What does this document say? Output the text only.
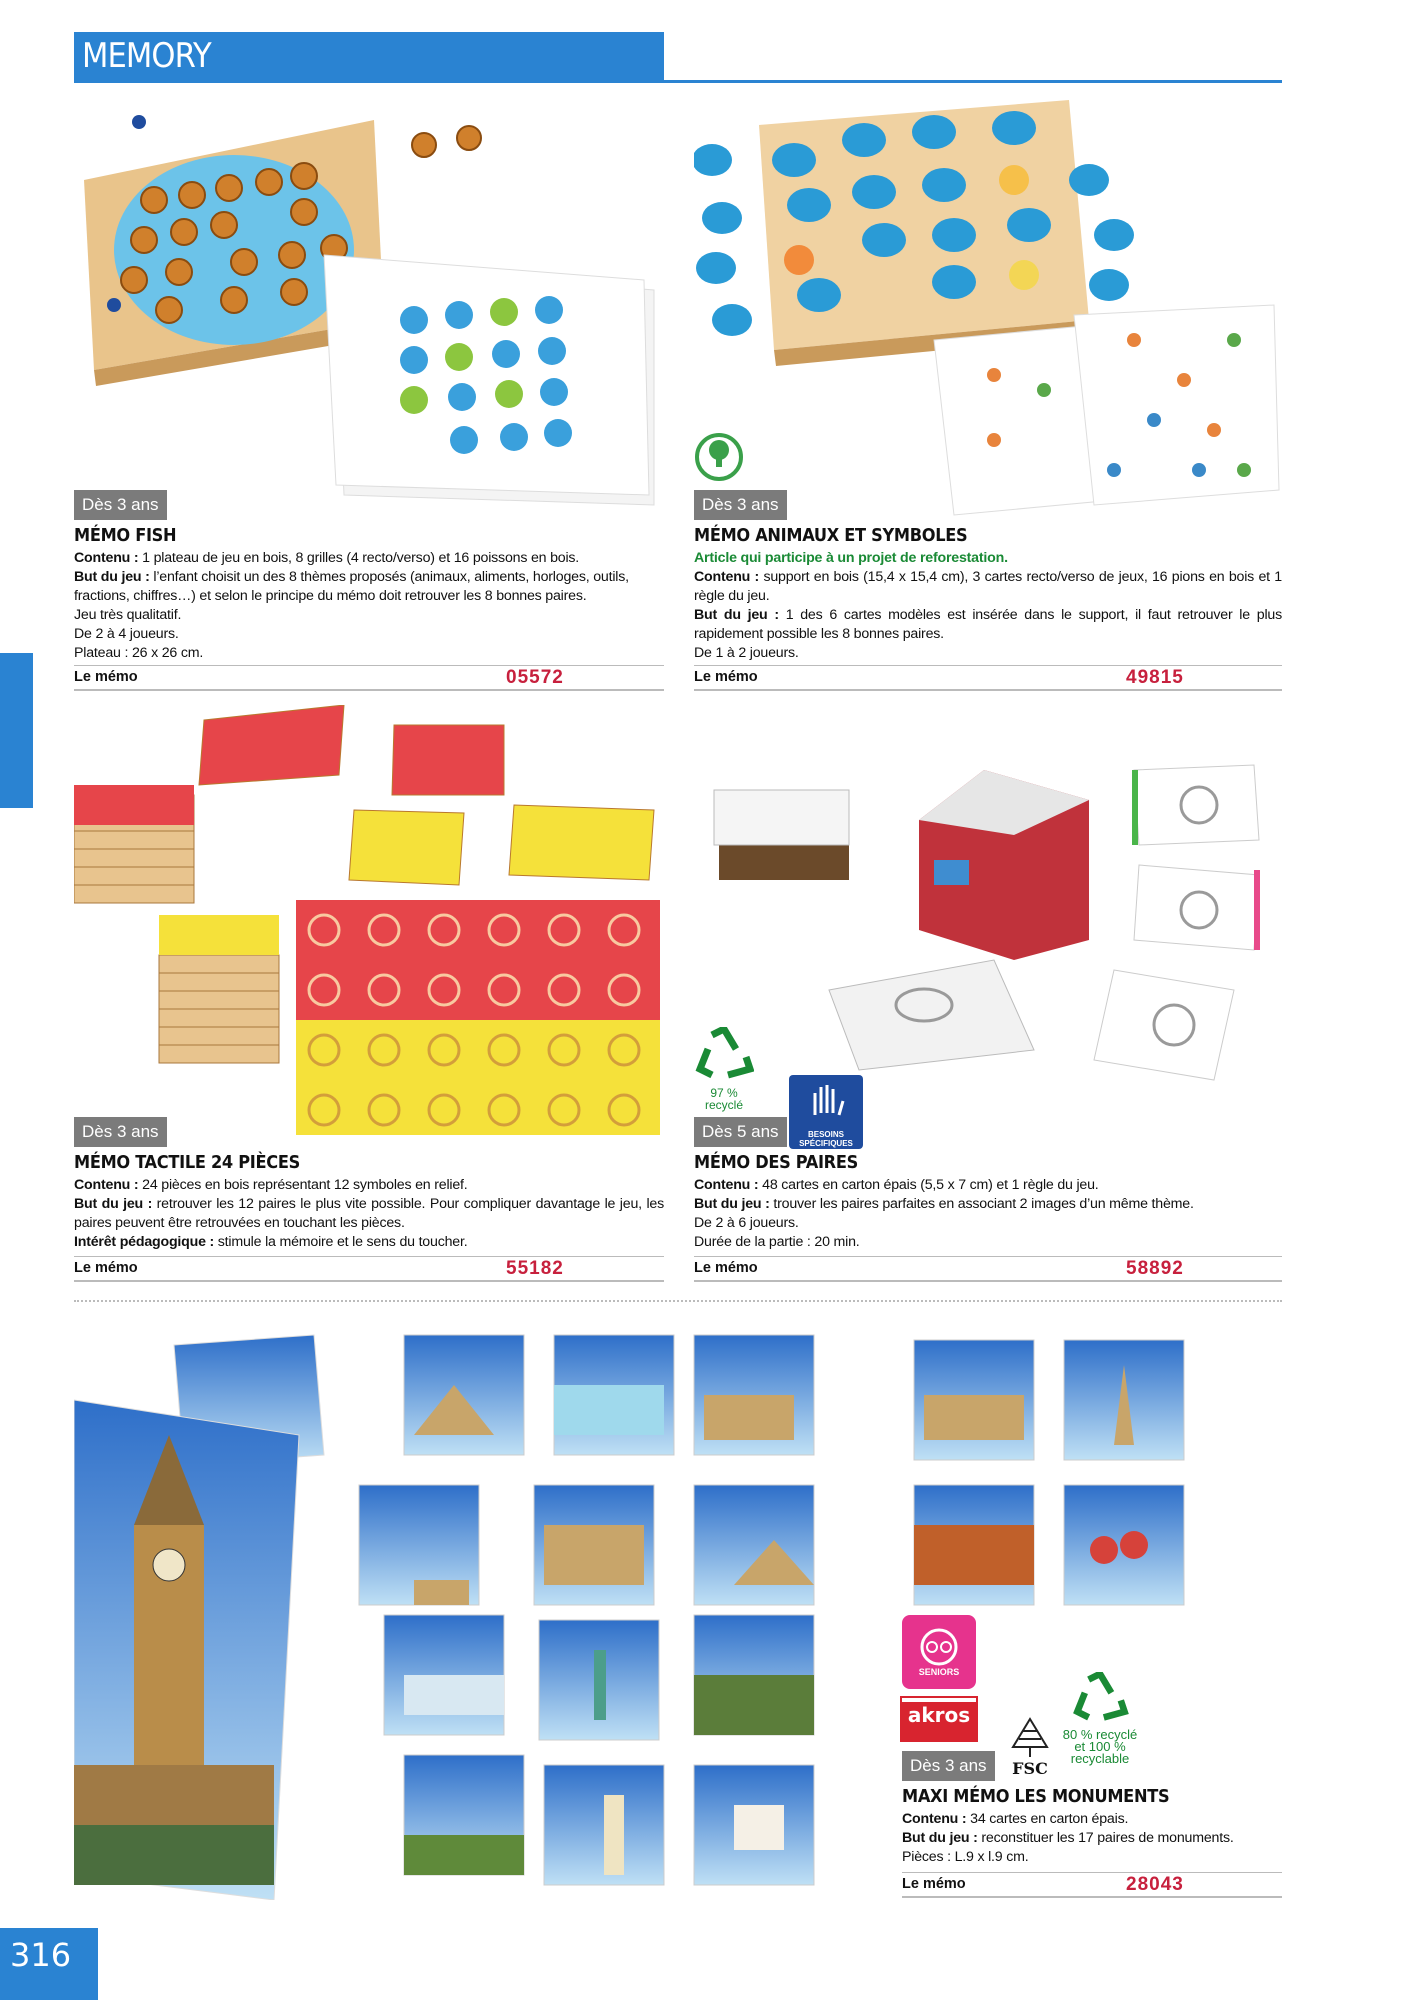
MEMORY
Dès 3 ans
MÉMO FISH
Contenu : 1 plateau de jeu en bois, 8 grilles (4 recto/verso) et 16 poissons en bois.
But du jeu : l’enfant choisit un des 8 thèmes proposés (animaux, aliments, horloges, outils, fractions, chiffres…) et selon le principe du mémo doit retrouver les 8 bonnes paires.
Jeu très qualitatif.
De 2 à 4 joueurs.
Plateau : 26 x 26 cm.
Le mémo	05572
Dès 3 ans
MÉMO ANIMAUX ET SYMBOLES
Article qui participe à un projet de reforestation.
Contenu : support en bois (15,4 x 15,4 cm), 3 cartes recto/verso de jeux, 16 pions en bois et 1 règle du jeu.
But du jeu : 1 des 6 cartes modèles est insérée dans le support, il faut retrouver le plus rapidement possible les 8 bonnes paires.
De 1 à 2 joueurs.
Le mémo	49815
97 % recyclé
BESOINS SPÉCIFIQUES
Dès 3 ans
MÉMO TACTILE 24 PIÈCES
Contenu : 24 pièces en bois représentant 12 symboles en relief.
But du jeu : retrouver les 12 paires le plus vite possible. Pour compliquer davantage le jeu, les paires peuvent être retrouvées en touchant les pièces.
Intérêt pédagogique : stimule la mémoire et le sens du toucher.
Le mémo	55182
Dès 5 ans
MÉMO DES PAIRES
Contenu : 48 cartes en carton épais (5,5 x 7 cm) et 1 règle du jeu.
But du jeu : trouver les paires parfaites en associant 2 images d’un même thème.
De 2 à 6 joueurs.
Durée de la partie : 20 min.
Le mémo	58892
SENIORS
akros
FSC
80 % recyclé et 100 % recyclable
Dès 3 ans
MAXI MÉMO LES MONUMENTS
Contenu : 34 cartes en carton épais.
But du jeu : reconstituer les 17 paires de monuments.
Pièces : L.9 x l.9 cm.
Le mémo	28043
316
